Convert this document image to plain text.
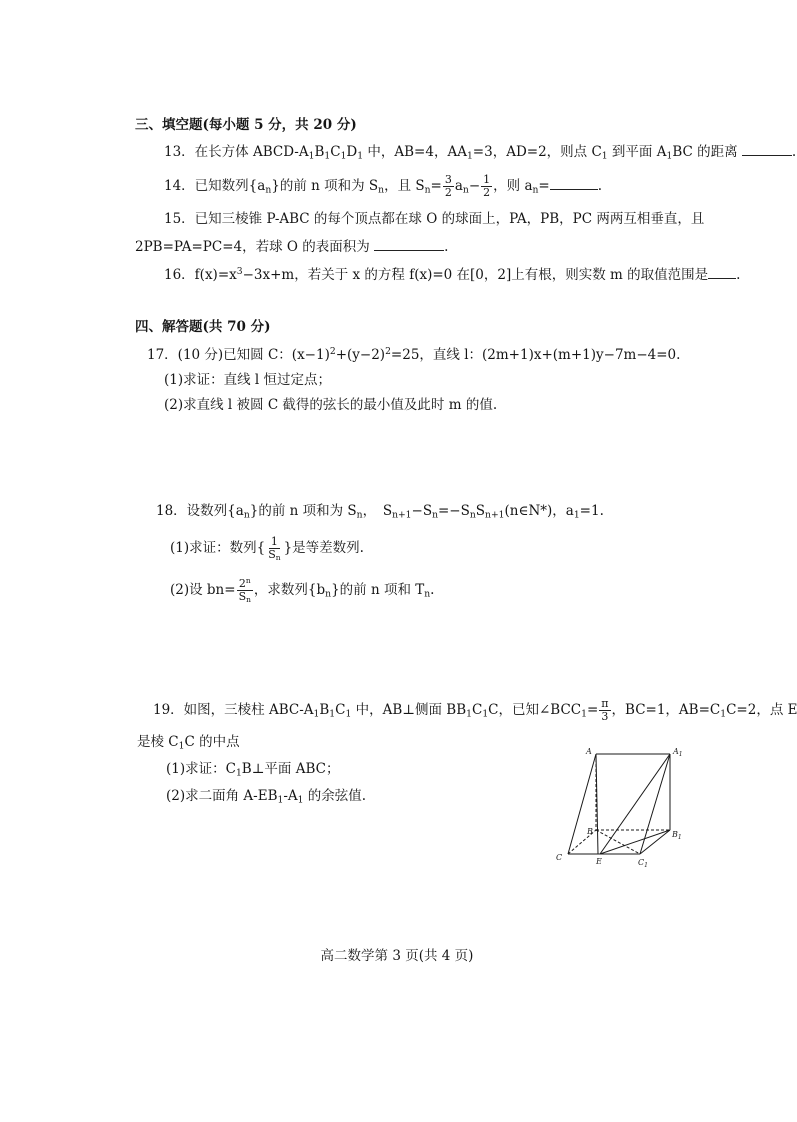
三、填空题(每小题 5 分，共 20 分)
13．在长方体 ABCD-$A_1B_1C_1D_1$ 中，AB=4，$AA_1=3$，AD=2，则点 $C_1$ 到平面 $A_1BC$ 的距离	.
14．已知数列$\{a_n\}$的前 n 项和为 $S_n$，且 $S_n= \frac{3}{2} a_n- \frac{1}{2}$ ，则 $a_n=$	.
15．已知三棱锥 P-ABC 的每个顶点都在球 O 的球面上，PA，PB，PC 两两互相垂直，且
2PB=PA=PC=4，若球 O 的表面积为	.
16．$f(x)=x^3-3x+m$，若关于 x 的方程 f(x)=0 在[0，2]上有根，则实数 m 的取值范围是 .
四、解答题(共 70 分)
17．(10 分)已知圆 C：$(x-1)^2+(y-2)^2=25$，直线 l：(2m+1)x+(m+1)y−7m−4=0.
(1)求证：直线 l 恒过定点；
(2)求直线 l 被圆 C 截得的弦长的最小值及此时 m 的值.
18．设数列$\{a_n\}$的前 n 项和为 $S_n$，　$S_{n+1}-S_n=-S_nS_{n+1}(n\in N*)$，$a_1=1$.
(1)求证：数列{ $\frac{1}{S_n}$ }是等差数列.
(2)设 $bn= \frac{2^n}{S_n}$ ，求数列$\{b_n\}$的前 n 项和 $T_n$.
19．如图，三棱柱 ABC-$A_1B_1C_1$ 中，AB⊥侧面 $BB_1C_1C$，已知$\angle BCC_1= \frac{\pi}{3}$ ，BC=1，$AB=C_1C=2$，点 E
是棱 $C_1C$ 的中点
(1)求证：$C_1B\perp$平面 ABC；
(2)求二面角 $A-EB_1-A_1$ 的余弦值.
A	$A_1$
B	$B_1$
C	E	$C_1$
高二数学第 3 页(共 4 页)
